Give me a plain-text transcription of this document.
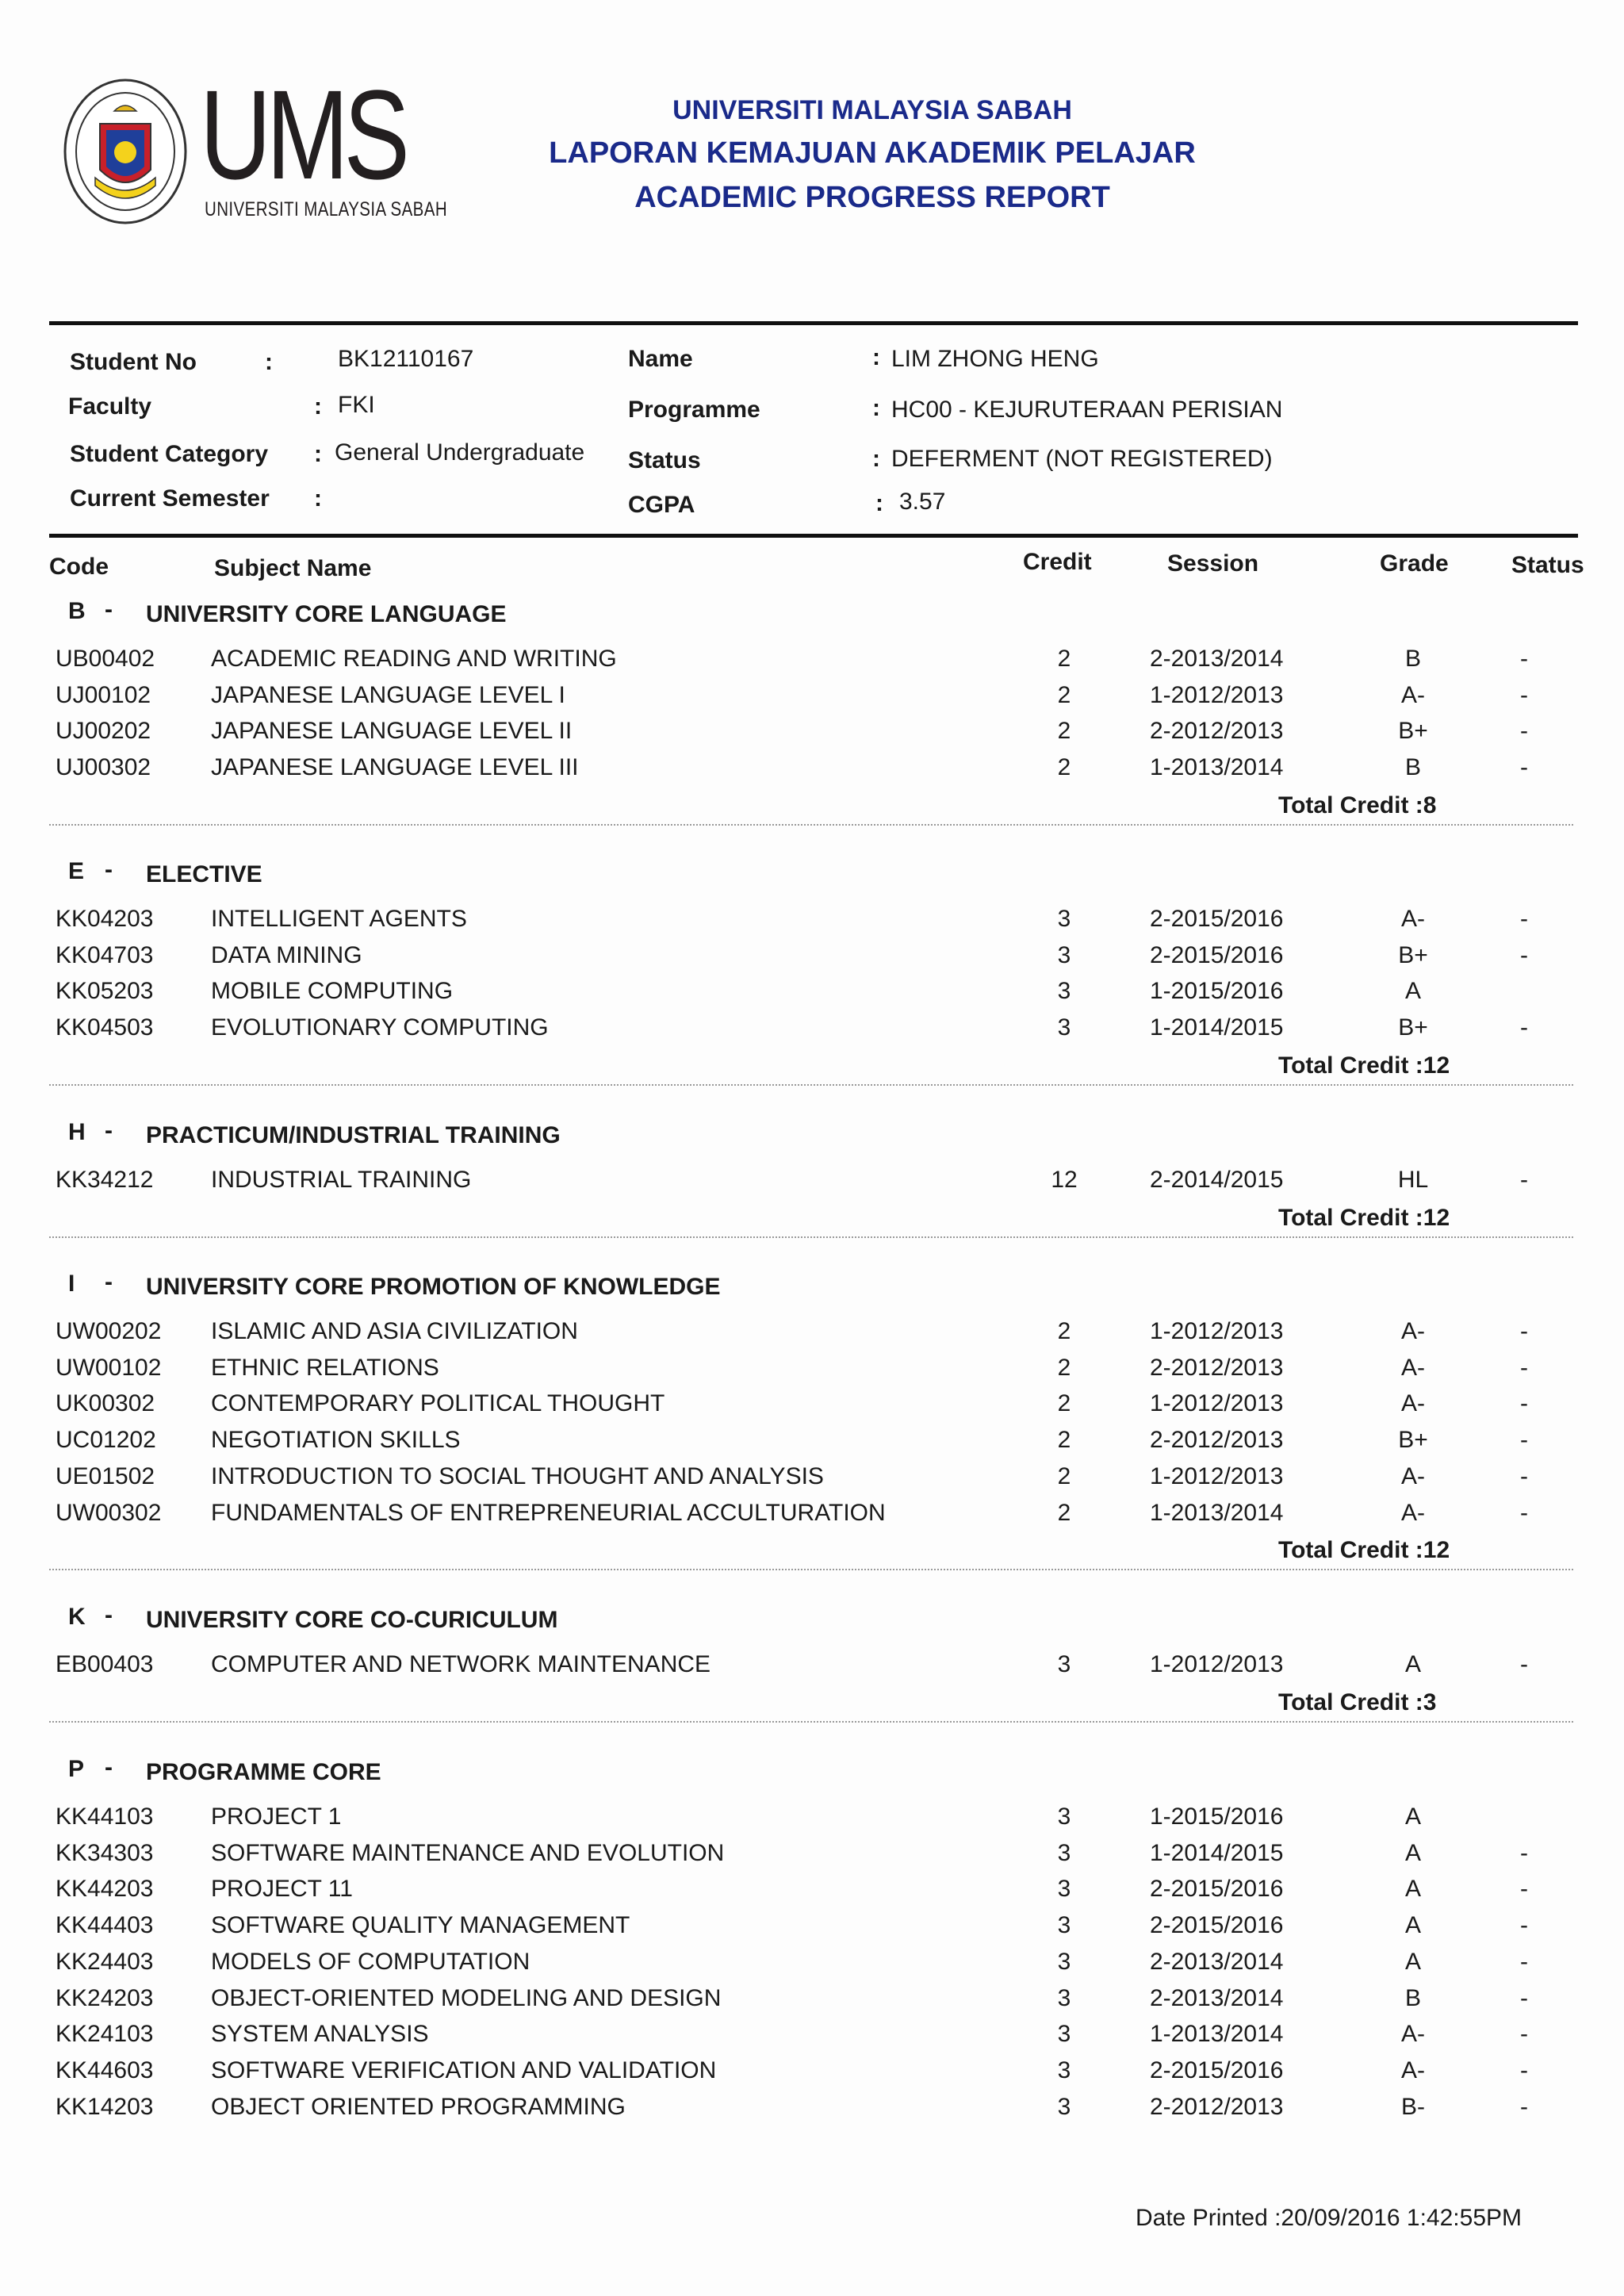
UMS
UNIVERSITI MALAYSIA SABAH
UNIVERSITI MALAYSIA SABAH
LAPORAN KEMAJUAN AKADEMIK PELAJAR
ACADEMIC PROGRESS REPORT
Student No	:	BK12110167
Faculty	: FKI
Student Category : General Undergraduate
Current Semester :
Name	: LIM ZHONG HENG
Programme	: HC00 - KEJURUTERAAN PERISIAN
Status	: DEFERMENT (NOT REGISTERED)
CGPA	: 3.57
Code	Subject Name	Credit	Session	Grade	Status
B - UNIVERSITY CORE LANGUAGE
UB00402 ACADEMIC READING AND WRITING	2	2-2013/2014	B	-
UJ00102	JAPANESE LANGUAGE LEVEL I	2	1-2012/2013	A-	-
UJ00202	JAPANESE LANGUAGE LEVEL II	2	2-2012/2013	B+	-
UJ00302	JAPANESE LANGUAGE LEVEL III	2	1-2013/2014	B	-
Total Credit :8
E - ELECTIVE
KK04203 INTELLIGENT AGENTS	3	2-2015/2016	A-	-
KK04703 DATA MINING	3	2-2015/2016	B+	-
KK05203 MOBILE COMPUTING	3	1-2015/2016	A
KK04503 EVOLUTIONARY COMPUTING	3	1-2014/2015	B+	-
Total Credit :12
H - PRACTICUM/INDUSTRIAL TRAINING
KK34212 INDUSTRIAL TRAINING	12	2-2014/2015	HL	-
Total Credit :12
I - UNIVERSITY CORE PROMOTION OF KNOWLEDGE
UW00202 ISLAMIC AND ASIA CIVILIZATION	2	1-2012/2013	A-	-
UW00102 ETHNIC RELATIONS	2	2-2012/2013	A-	-
UK00302 CONTEMPORARY POLITICAL THOUGHT	2	1-2012/2013	A-	-
UC01202 NEGOTIATION SKILLS	2	2-2012/2013	B+	-
UE01502 INTRODUCTION TO SOCIAL THOUGHT AND ANALYSIS	2	1-2012/2013	A-	-
UW00302 FUNDAMENTALS OF ENTREPRENEURIAL ACCULTURATION	2	1-2013/2014	A-	-
Total Credit :12
K - UNIVERSITY CORE CO-CURICULUM
EB00403 COMPUTER AND NETWORK MAINTENANCE	3	1-2012/2013	A	-
Total Credit :3
P - PROGRAMME CORE
KK44103 PROJECT 1	3	1-2015/2016	A
KK34303 SOFTWARE MAINTENANCE AND EVOLUTION	3	1-2014/2015	A	-
KK44203 PROJECT 11	3	2-2015/2016	A	-
KK44403 SOFTWARE QUALITY MANAGEMENT	3	2-2015/2016	A	-
KK24403 MODELS OF COMPUTATION	3	2-2013/2014	A	-
KK24203 OBJECT-ORIENTED MODELING AND DESIGN	3	2-2013/2014	B	-
KK24103 SYSTEM ANALYSIS	3	1-2013/2014	A-	-
KK44603 SOFTWARE VERIFICATION AND VALIDATION	3	2-2015/2016	A-	-
KK14203 OBJECT ORIENTED PROGRAMMING	3	2-2012/2013	B-	-
Date Printed :20/09/2016 1:42:55PM
